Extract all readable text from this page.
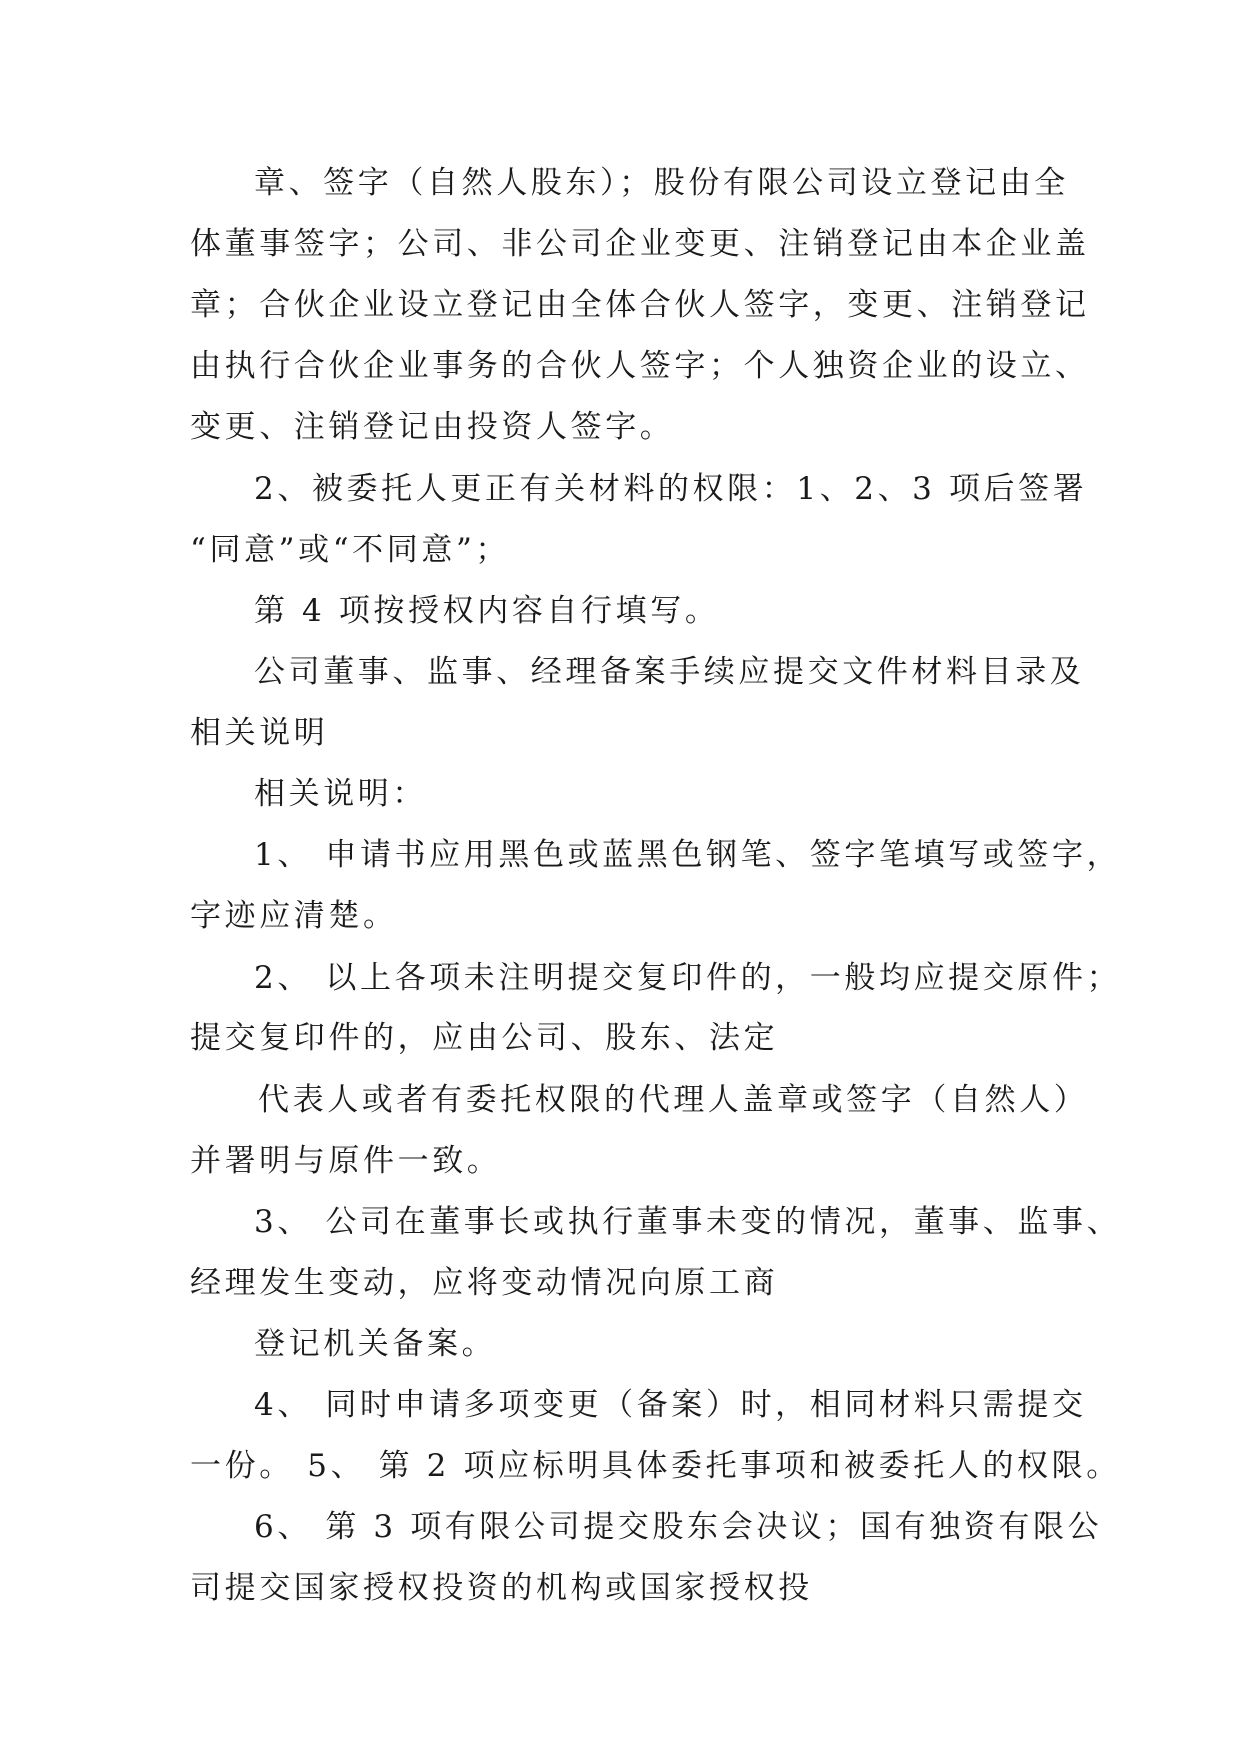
章、签字（自然人股东）；股份有限公司设立登记由全
体董事签字；公司、非公司企业变更、注销登记由本企业盖
章；合伙企业设立登记由全体合伙人签字，变更、注销登记
由执行合伙企业事务的合伙人签字；个人独资企业的设立、
变更、注销登记由投资人签字。
2、被委托人更正有关材料的权限：1、2、3 项后签署
“同意”或“不同意”；
第 4 项按授权内容自行填写。
公司董事、监事、经理备案手续应提交文件材料目录及
相关说明
相关说明：
1、 申请书应用黑色或蓝黑色钢笔、签字笔填写或签字，
字迹应清楚。
2、 以上各项未注明提交复印件的，一般均应提交原件；
提交复印件的，应由公司、股东、法定
代表人或者有委托权限的代理人盖章或签字（自然人）
并署明与原件一致。
3、 公司在董事长或执行董事未变的情况，董事、监事、
经理发生变动，应将变动情况向原工商
登记机关备案。
4、 同时申请多项变更（备案）时，相同材料只需提交
一份。 5、 第 2 项应标明具体委托事项和被委托人的权限。
6、 第 3 项有限公司提交股东会决议；国有独资有限公
司提交国家授权投资的机构或国家授权投
